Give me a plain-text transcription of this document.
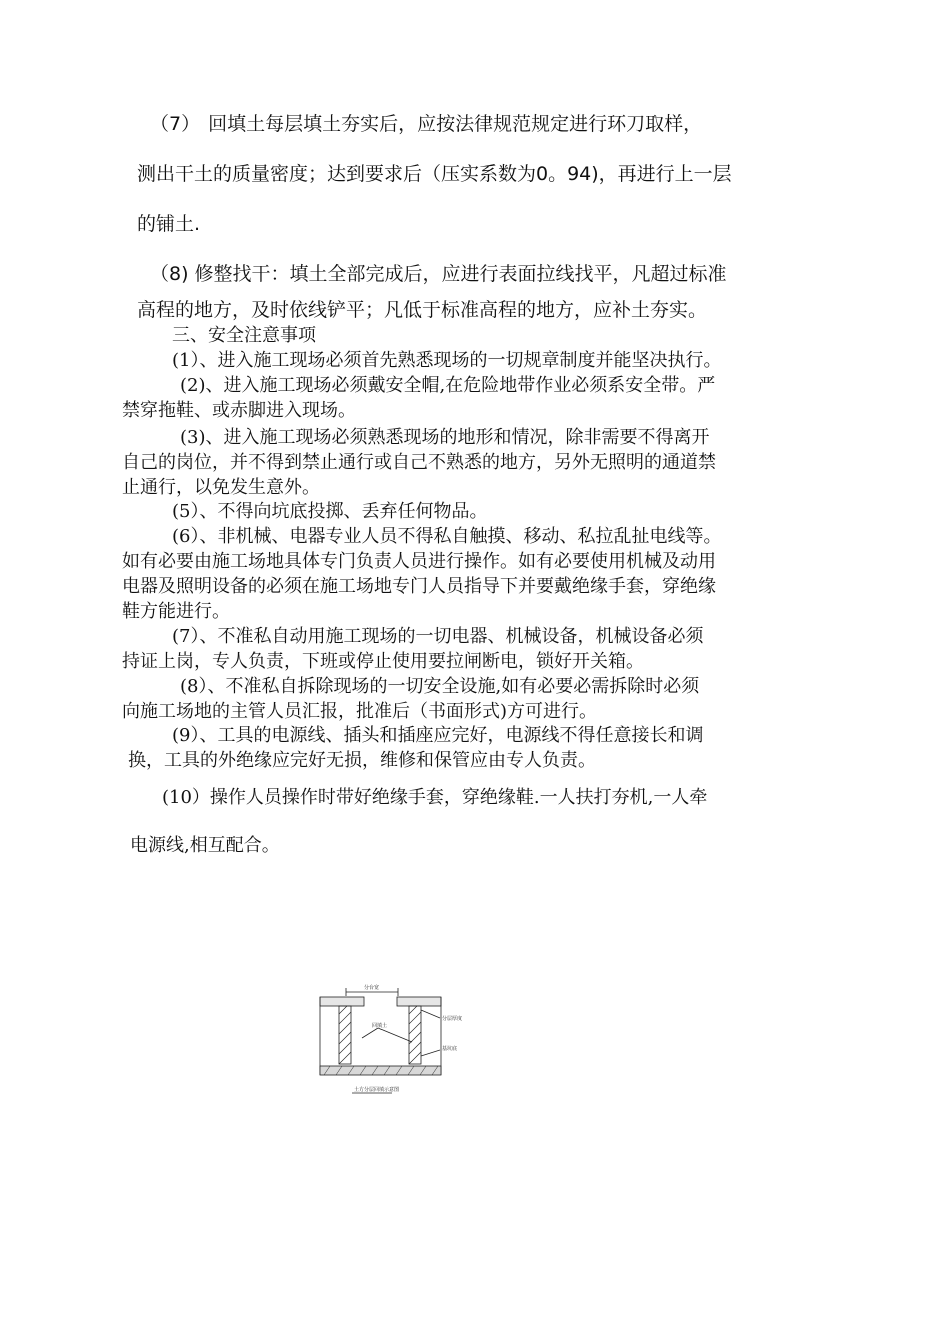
（7） 回填土每层填土夯实后，应按法律规范规定进行环刀取样，
测出干土的质量密度；达到要求后（压实系数为0。94)，再进行上一层
的铺土.
（8) 修整找干：填土全部完成后，应进行表面拉线找平，凡超过标准
高程的地方，及时依线铲平；凡低于标准高程的地方，应补土夯实。
三、安全注意事项
(1）、进入施工现场必须首先熟悉现场的一切规章制度并能坚决执行。
(2)、进入施工现场必须戴安全帽,在危险地带作业必须系安全带。严
禁穿拖鞋、或赤脚进入现场。
(3)、进入施工现场必须熟悉现场的地形和情况，除非需要不得离开
自己的岗位，并不得到禁止通行或自己不熟悉的地方，另外无照明的通道禁
止通行，以免发生意外。
(5）、不得向坑底投掷、丢弃任何物品。
(6）、非机械、电器专业人员不得私自触摸、移动、私拉乱扯电线等。
如有必要由施工场地具体专门负责人员进行操作。如有必要使用机械及动用
电器及照明设备的必须在施工场地专门人员指导下并要戴绝缘手套，穿绝缘
鞋方能进行。
(7）、不准私自动用施工现场的一切电器、机械设备，机械设备必须
持证上岗，专人负责，下班或停止使用要拉闸断电，锁好开关箱。
(8）、不准私自拆除现场的一切安全设施,如有必要必需拆除时必须
向施工场地的主管人员汇报，批准后（书面形式)方可进行。
(9）、工具的电源线、插头和插座应完好，电源线不得任意接长和调
换，工具的外绝缘应完好无损，维修和保管应由专人负责。
(10）操作人员操作时带好绝缘手套，穿绝缘鞋.一人扶打夯机,一人牵
电源线,相互配合。
分台宽
回填土
分层厚度
基坑底
土方分层回填示意图
